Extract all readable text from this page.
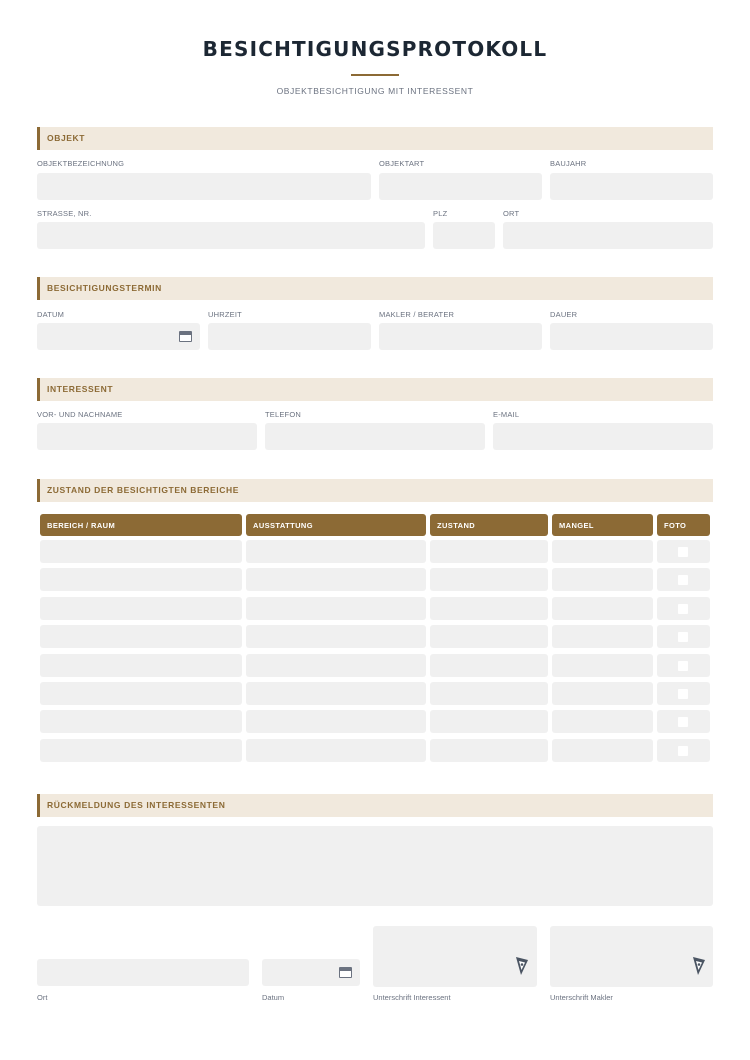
BESICHTIGUNGSPROTOKOLL
OBJEKTBESICHTIGUNG MIT INTERESSENT
OBJEKT
OBJEKTBEZEICHNUNG	OBJEKTART	BAUJAHR
STRASSE, NR.	PLZ	ORT
BESICHTIGUNGSTERMIN
DATUM	UHRZEIT	MAKLER / BERATER	DAUER
INTERESSENT
VOR- UND NACHNAME	TELEFON	E-MAIL
ZUSTAND DER BESICHTIGTEN BEREICHE
BEREICH / RAUM	AUSSTATTUNG	ZUSTAND	MANGEL	FOTO
RÜCKMELDUNG DES INTERESSENTEN
Ort	Datum	Unterschrift Interessent	Unterschrift Makler
